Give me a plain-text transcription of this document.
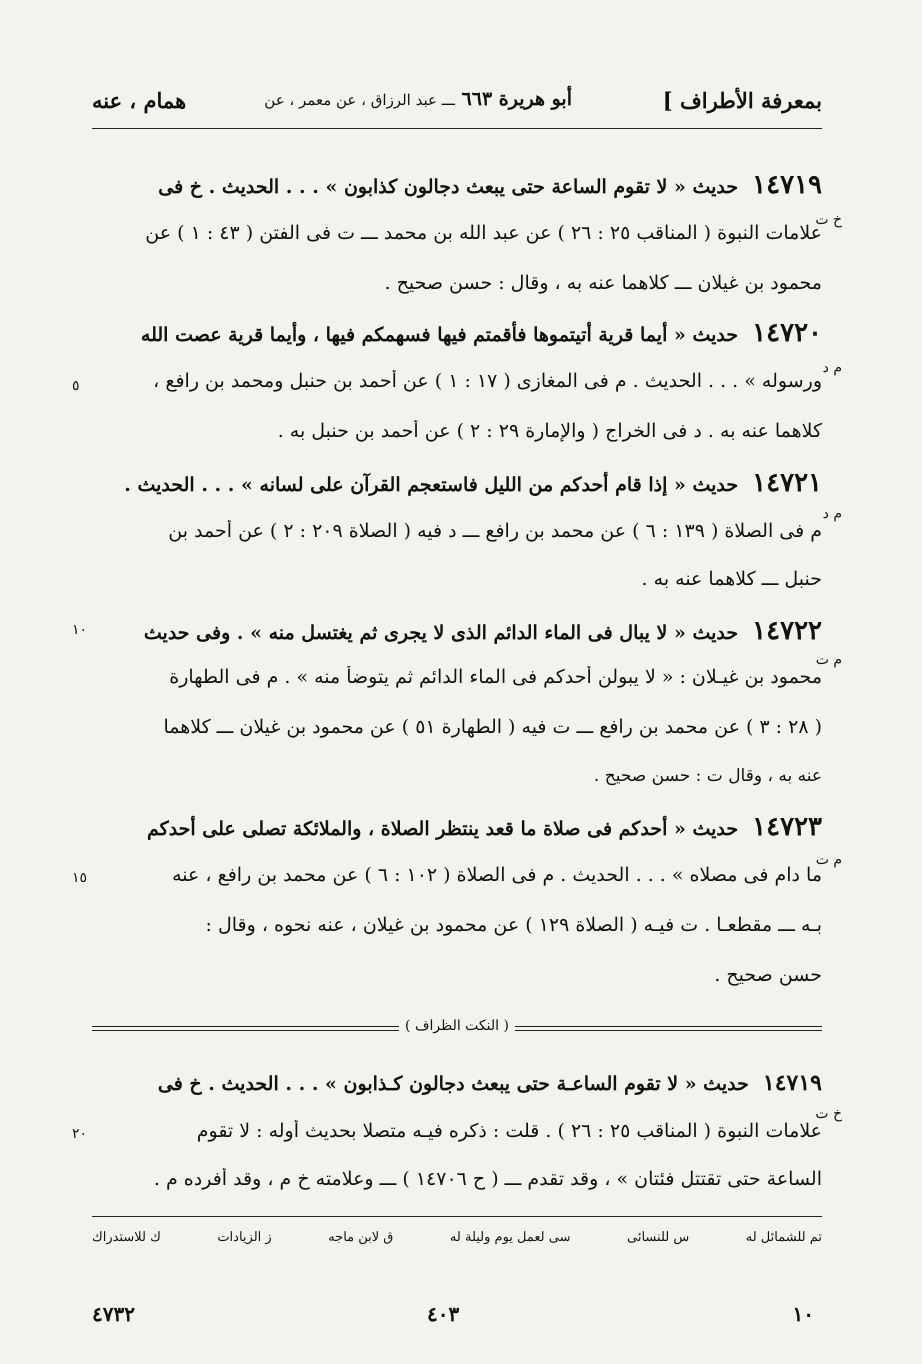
بمعرفة الأطراف ]
أبو هريرة ٦٦٣ ـــ عبد الرزاق ، عن معمر ، عن
همام ، عنه
١٤٧١٩ حديث « لا تقوم الساعة حتى يبعث دجالون كذابون » . . . الحديث . خ فى
خ ت
علامات النبوة ( المناقب ٢٥ : ٢٦ ) عن عبد الله بن محمد ـــ ت فى الفتن ( ٤٣ : ١ ) عن
محمود بن غيلان ـــ كلاهما عنه به ، وقال : حسن صحيح .
١٤٧٢٠ حديث « أيما قرية أتيتموها فأقمتم فيها فسهمكم فيها ، وأيما قرية عصت الله
م د
ورسوله » . . . الحديث . م فى المغازى ( ١٧ : ١ ) عن أحمد بن حنبل ومحمد بن رافع ،
٥
كلاهما عنه به . د فى الخراج ( والإمارة ٢٩ : ٢ ) عن أحمد بن حنبل به .
١٤٧٢١ حديث « إذا قام أحدكم من الليل فاستعجم القرآن على لسانه » . . . الحديث .
م د
م فى الصلاة ( ١٣٩ : ٦ ) عن محمد بن رافع ـــ د فيه ( الصلاة ٢٠٩ : ٢ ) عن أحمد بن
حنبل ـــ كلاهما عنه به .
١٤٧٢٢ حديث « لا يبال فى الماء الدائم الذى لا يجرى ثم يغتسل منه » . وفى حديث
١٠
م ت
محمود بن غيـلان : « لا يبولن أحدكم فى الماء الدائم ثم يتوضأ منه » . م فى الطهارة
( ٢٨ : ٣ ) عن محمد بن رافع ـــ ت فيه ( الطهارة ٥١ ) عن محمود بن غيلان ـــ كلاهما
عنه به ، وقال ت : حسن صحيح .
١٤٧٢٣ حديث « أحدكم فى صلاة ما قعد ينتظر الصلاة ، والملائكة تصلى على أحدكم
م ت
ما دام فى مصلاه » . . . الحديث . م فى الصلاة ( ١٠٢ : ٦ ) عن محمد بن رافع ، عنه
١٥
بـه ـــ مقطعـا . ت فيـه ( الصلاة ١٢٩ ) عن محمود بن غيلان ، عنه نحوه ، وقال :
حسن صحيح .
( النكت الظراف )
١٤٧١٩ حديث « لا تقوم الساعـة حتى يبعث دجالون كـذابون » . . . الحديث . خ فى
خ ت
علامات النبوة ( المناقب ٢٥ : ٢٦ ) . قلت : ذكره فيـه متصلا بحديث أوله : لا تقوم
٢٠
الساعة حتى تقتتل فئتان » ، وقد تقدم ـــ ( ح ١٤٧٠٦ ) ـــ وعلامته خ م ، وقد أفرده م .
تم للشمائل له
س للنسائى
سى لعمل يوم وليلة له
ق لابن ماجه
ز الزيادات
ك للاستدراك
٤٧٣٢	٤٠٣	١٠
